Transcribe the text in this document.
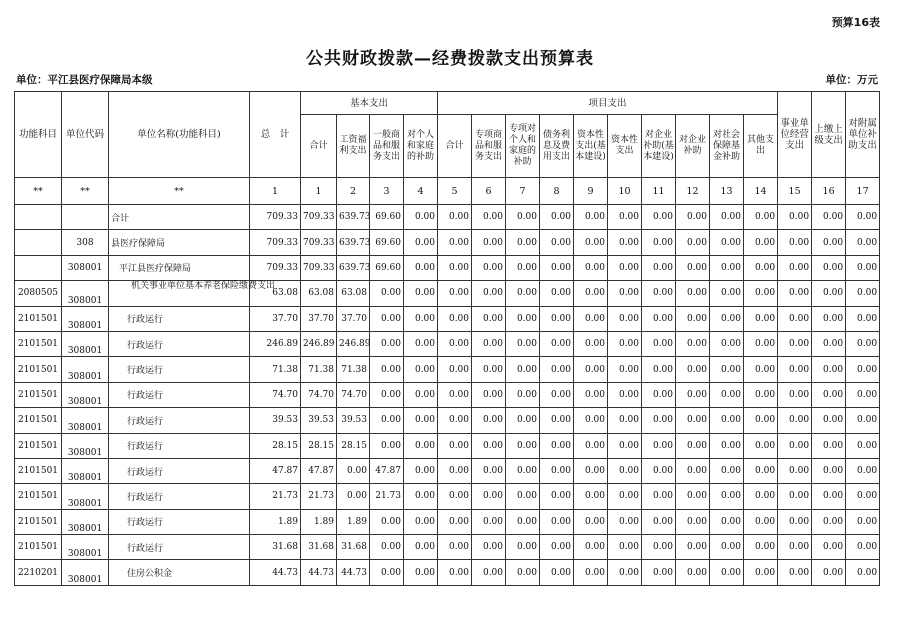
预算16表
公共财政拨款—经费拨款支出预算表
单位：平江县医疗保障局本级	单位：万元
功能科目	单位代码	单位名称(功能科目)	总　计	基本支出				项目支出										事业单位经营支出	上缴上级支出	对附属单位补助支出
				合计	工资福利支出	一般商品和服务支出	对个人和家庭的补助	合计	专项商品和服务支出	专项对个人和家庭的补助	债务利息及费用支出	资本性支出(基本建设)	资本性支出	对企业补助(基本建设)	对企业补助	对社会保障基金补助	其他支出			
**	**	**	1	1	2	3	4	5	6	7	8	9	10	11	12	13	14	15	16	17
		合计	709.33	709.33	639.73	69.60	0.00	0.00	0.00	0.00	0.00	0.00	0.00	0.00	0.00	0.00	0.00	0.00	0.00	0.00
	308	县医疗保障局	709.33	709.33	639.73	69.60	0.00	0.00	0.00	0.00	0.00	0.00	0.00	0.00	0.00	0.00	0.00	0.00	0.00	0.00
	308001	平江县医疗保障局	709.33	709.33	639.73	69.60	0.00	0.00	0.00	0.00	0.00	0.00	0.00	0.00	0.00	0.00	0.00	0.00	0.00	0.00
2080505	308001	机关事业单位基本养老保险缴费支出	63.08	63.08	63.08	0.00	0.00	0.00	0.00	0.00	0.00	0.00	0.00	0.00	0.00	0.00	0.00	0.00	0.00	0.00
2101501	308001	行政运行	37.70	37.70	37.70	0.00	0.00	0.00	0.00	0.00	0.00	0.00	0.00	0.00	0.00	0.00	0.00	0.00	0.00	0.00
2101501	308001	行政运行	246.89	246.89	246.89	0.00	0.00	0.00	0.00	0.00	0.00	0.00	0.00	0.00	0.00	0.00	0.00	0.00	0.00	0.00
2101501	308001	行政运行	71.38	71.38	71.38	0.00	0.00	0.00	0.00	0.00	0.00	0.00	0.00	0.00	0.00	0.00	0.00	0.00	0.00	0.00
2101501	308001	行政运行	74.70	74.70	74.70	0.00	0.00	0.00	0.00	0.00	0.00	0.00	0.00	0.00	0.00	0.00	0.00	0.00	0.00	0.00
2101501	308001	行政运行	39.53	39.53	39.53	0.00	0.00	0.00	0.00	0.00	0.00	0.00	0.00	0.00	0.00	0.00	0.00	0.00	0.00	0.00
2101501	308001	行政运行	28.15	28.15	28.15	0.00	0.00	0.00	0.00	0.00	0.00	0.00	0.00	0.00	0.00	0.00	0.00	0.00	0.00	0.00
2101501	308001	行政运行	47.87	47.87	0.00	47.87	0.00	0.00	0.00	0.00	0.00	0.00	0.00	0.00	0.00	0.00	0.00	0.00	0.00	0.00
2101501	308001	行政运行	21.73	21.73	0.00	21.73	0.00	0.00	0.00	0.00	0.00	0.00	0.00	0.00	0.00	0.00	0.00	0.00	0.00	0.00
2101501	308001	行政运行	1.89	1.89	1.89	0.00	0.00	0.00	0.00	0.00	0.00	0.00	0.00	0.00	0.00	0.00	0.00	0.00	0.00	0.00
2101501	308001	行政运行	31.68	31.68	31.68	0.00	0.00	0.00	0.00	0.00	0.00	0.00	0.00	0.00	0.00	0.00	0.00	0.00	0.00	0.00
2210201	308001	住房公积金	44.73	44.73	44.73	0.00	0.00	0.00	0.00	0.00	0.00	0.00	0.00	0.00	0.00	0.00	0.00	0.00	0.00	0.00
